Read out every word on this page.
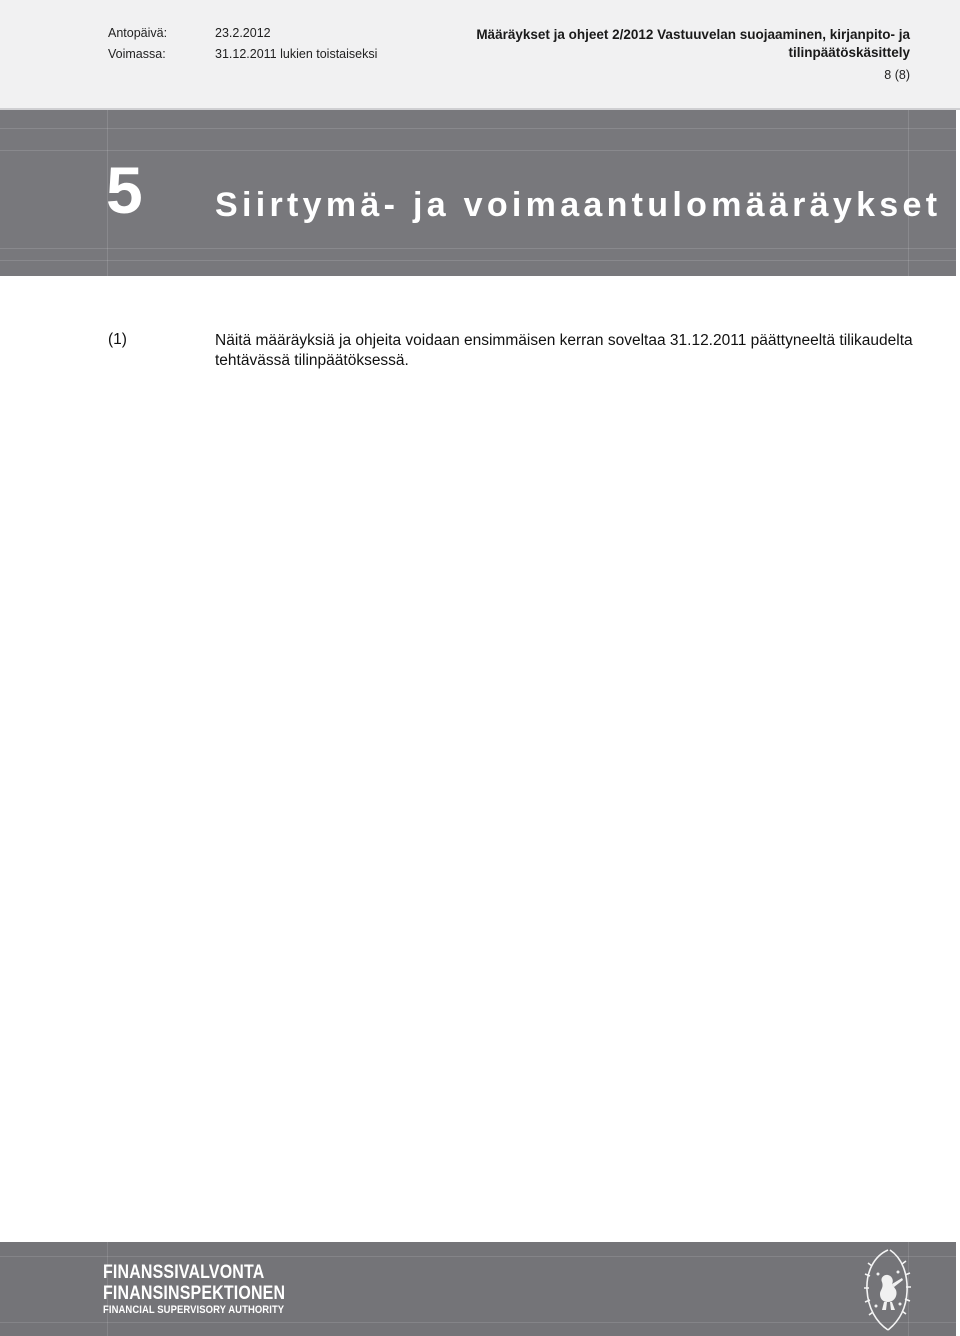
Antopäivä:	23.2.2012
Voimassa:	31.12.2011 lukien toistaiseksi
Määräykset ja ohjeet 2/2012 Vastuuvelan suojaaminen, kirjanpito- ja
tilinpäätöskäsittely
8 (8)
5 Siirtymä- ja voimaantulomääräykset
(1)	Näitä määräyksiä ja ohjeita voidaan ensimmäisen kerran soveltaa 31.12.2011 päättyneeltä tilikaudelta tehtävässä tilinpäätöksessä.
FINANSSIVALVONTA
FINANSINSPEKTIONEN
FINANCIAL SUPERVISORY AUTHORITY
